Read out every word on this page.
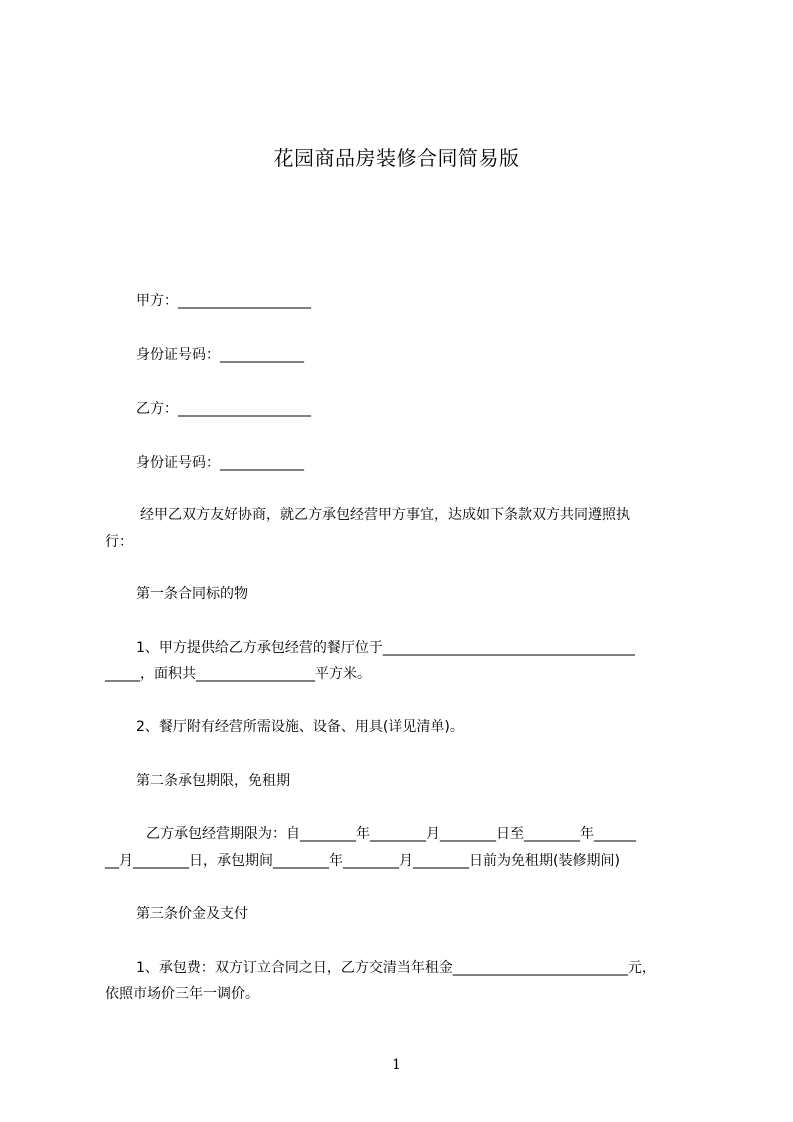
花园商品房装修合同简易版
甲方：___________________
身份证号码：____________
乙方：___________________
身份证号码：____________
经甲乙双方友好协商，就乙方承包经营甲方事宜，达成如下条款双方共同遵照执
行：
第一条合同标的物
1、甲方提供给乙方承包经营的餐厅位于____________________________________
_____，面积共_________________平方米。
2、餐厅附有经营所需设施、设备、用具(详见清单)。
第二条承包期限，免租期
乙方承包经营期限为：自________年________月________日至________年______
__月________日，承包期间________年________月________日前为免租期(装修期间)
第三条价金及支付
1、承包费：双方订立合同之日，乙方交清当年租金_________________________元，
依照市场价三年一调价。
1
